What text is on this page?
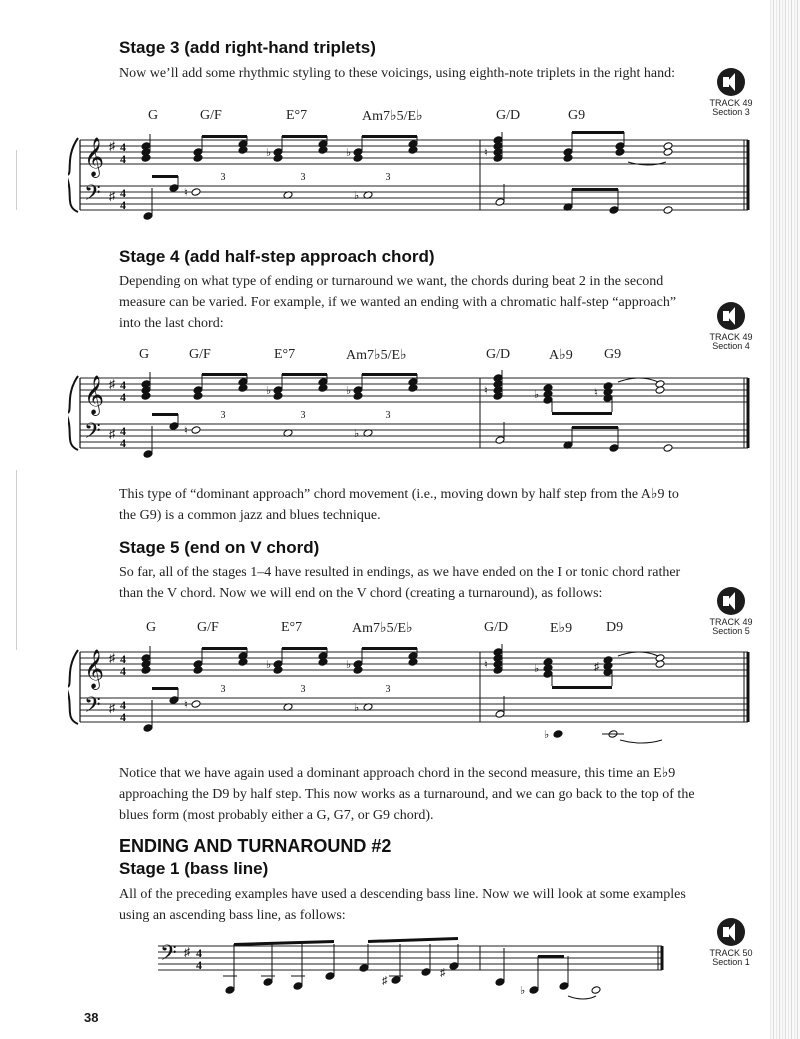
Stage 3 (add right-hand triplets)

Now we’ll add some rhythmic styling to these voicings, using eighth-note triplets in the right hand:

TRACK 49
Section 3
G	G/F	E°7	Am7♭5/E♭	G/D	G9
𝄞
𝄢
♯
♯
4
4
4
4
3
♭
3
♭
3
♮
♮	♭
Stage 4 (add half-step approach chord)

Depending on what type of ending or turnaround we want, the chords during beat 2 in the second measure can be varied. For example, if we wanted an ending with a chromatic half-step “approach” into the last chord:

TRACK 49
Section 4
G	G/F	E°7	Am7♭5/E♭	G/D	A♭9 G9
𝄞
𝄢
♯
♯
4
4
4
4
3
♭
3
♭
3
♮	♭	♮
♮	♭

This type of “dominant approach” chord movement (i.e., moving down by half step from the A♭9 to the G9) is a common jazz and blues technique.

Stage 5 (end on V chord)

So far, all of the stages 1–4 have resulted in endings, as we have ended on the I or tonic chord rather than the V chord. Now we will end on the V chord (creating a turnaround), as follows:

TRACK 49
Section 5
G	G/F	E°7	Am7♭5/E♭	G/D	E♭9 D9
𝄞
𝄢
♯
♯
4
4
4
4
3
♭
3
♭
3
♮	♭	♯
♮	♭
♭

Notice that we have again used a dominant approach chord in the second measure, this time an E♭9 approaching the D9 by half step. This now works as a turnaround, and we can go back to the top of the blues form (most probably either a G, G7, or G9 chord).

ENDING AND TURNAROUND #2
Stage 1 (bass line)

All of the preceding examples have used a descending bass line. Now we will look at some examples using an ascending bass line, as follows:

TRACK 50
Section 1
𝄢 ♯ 4
4
♯
♯
♭
38
